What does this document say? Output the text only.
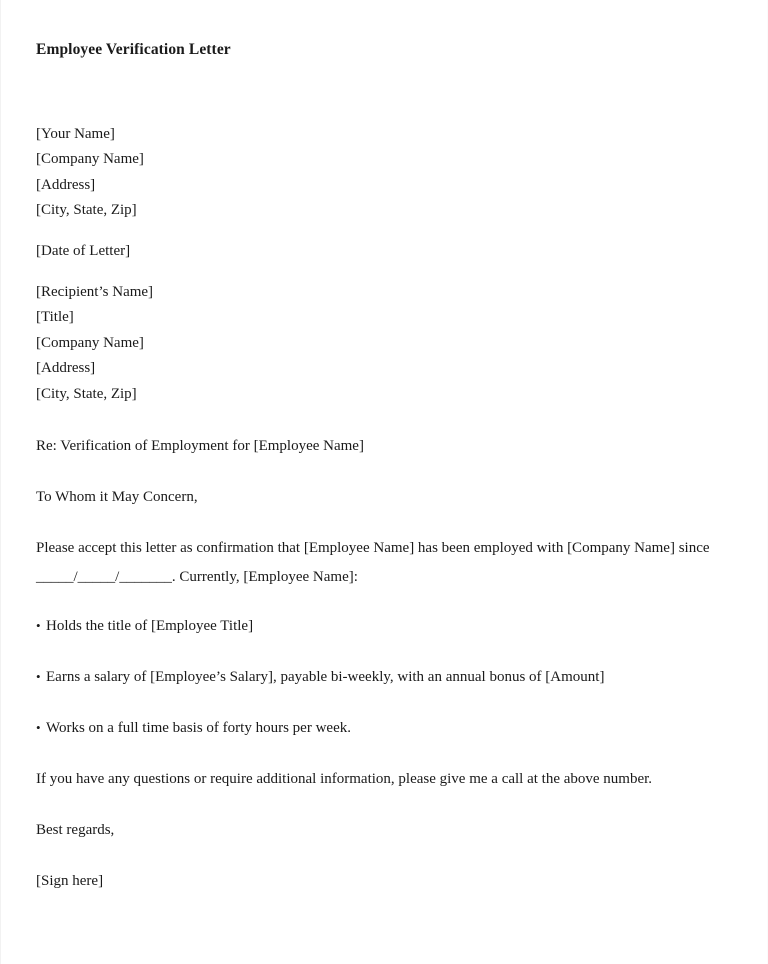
Employee Verification Letter
[Your Name]
[Company Name]
[Address]
[City, State, Zip]
[Date of Letter]
[Recipient’s Name]
[Title]
[Company Name]
[Address]
[City, State, Zip]
Re: Verification of Employment for [Employee Name]
To Whom it May Concern,
Please accept this letter as confirmation that [Employee Name] has been employed with [Company Name] since _____/_____/_______. Currently, [Employee Name]:
• Holds the title of [Employee Title]
• Earns a salary of [Employee’s Salary], payable bi-weekly, with an annual bonus of [Amount]
• Works on a full time basis of forty hours per week.
If you have any questions or require additional information, please give me a call at the above number.
Best regards,
[Sign here]
